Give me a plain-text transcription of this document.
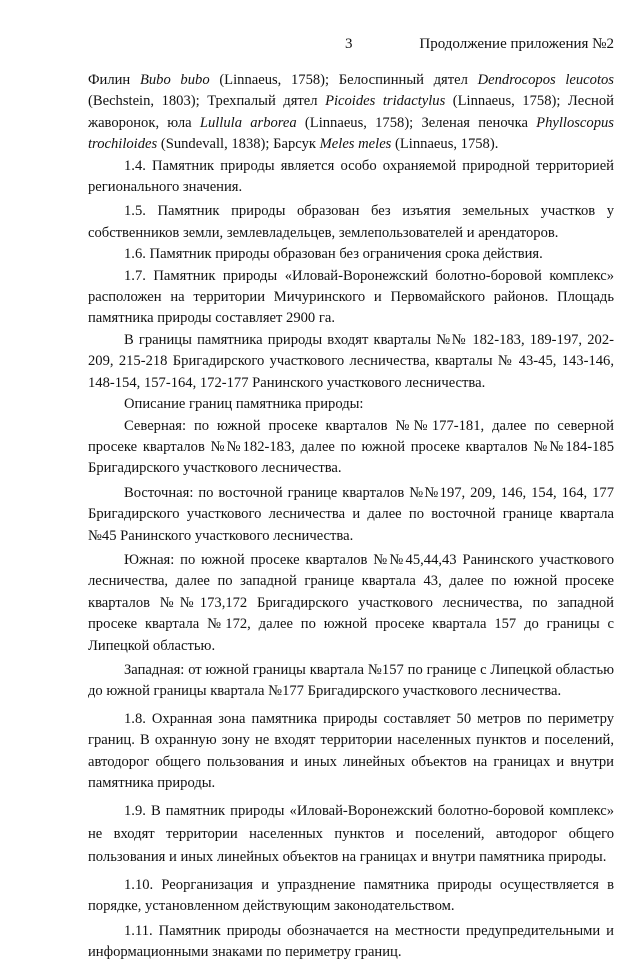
3	Продолжение приложения №2

Филин Bubo bubo (Linnaeus, 1758); Белоспинный дятел Dendrocopos leucotos (Bechstein, 1803); Трехпалый дятел Picoides tridactylus (Linnaeus, 1758); Лесной жаворонок, юла Lullula arborea (Linnaeus, 1758); Зеленая пеночка Phylloscopus trochiloides (Sundevall, 1838); Барсук Meles meles (Linnaeus, 1758).

1.4. Памятник природы является особо охраняемой природной территорией регионального значения.

1.5. Памятник природы образован без изъятия земельных участков у собственников земли, землевладельцев, землепользователей и арендаторов.

1.6. Памятник природы образован без ограничения срока действия.

1.7. Памятник природы «Иловай-Воронежский болотно-боровой комплекс» расположен на территории Мичуринского и Первомайского районов. Площадь памятника природы составляет 2900 га.

В границы памятника природы входят кварталы №№ 182-183, 189-197, 202-209, 215-218 Бригадирского участкового лесничества, кварталы № 43-45, 143-146, 148-154, 157-164, 172-177 Ранинского участкового лесничества.

Описание границ памятника природы:

Северная: по южной просеке кварталов №№177-181, далее по северной просеке кварталов №№182-183, далее по южной просеке кварталов №№184-185 Бригадирского участкового лесничества.

Восточная: по восточной границе кварталов №№197, 209, 146, 154, 164, 177 Бригадирского участкового лесничества и далее по восточной границе квартала №45 Ранинского участкового лесничества.

Южная: по южной просеке кварталов №№45,44,43 Ранинского участкового лесничества, далее по западной границе квартала 43, далее по южной просеке кварталов №№173,172 Бригадирского участкового лесничества, по западной просеке квартала №172, далее по южной просеке квартала 157 до границы с Липецкой областью.

Западная: от южной границы квартала №157 по границе с Липецкой областью до южной границы квартала №177 Бригадирского участкового лесничества.

1.8. Охранная зона памятника природы составляет 50 метров по периметру границ. В охранную зону не входят территории населенных пунктов и поселений, автодорог общего пользования и иных линейных объектов на границах и внутри памятника природы.

1.9. В памятник природы «Иловай-Воронежский болотно-боровой комплекс» не входят территории населенных пунктов и поселений, автодорог общего пользования и иных линейных объектов на границах и внутри памятника природы.

1.10. Реорганизация и упразднение памятника природы осуществляется в порядке, установленном действующим законодательством.

1.11. Памятник природы обозначается на местности предупредительными и информационными знаками по периметру границ.
